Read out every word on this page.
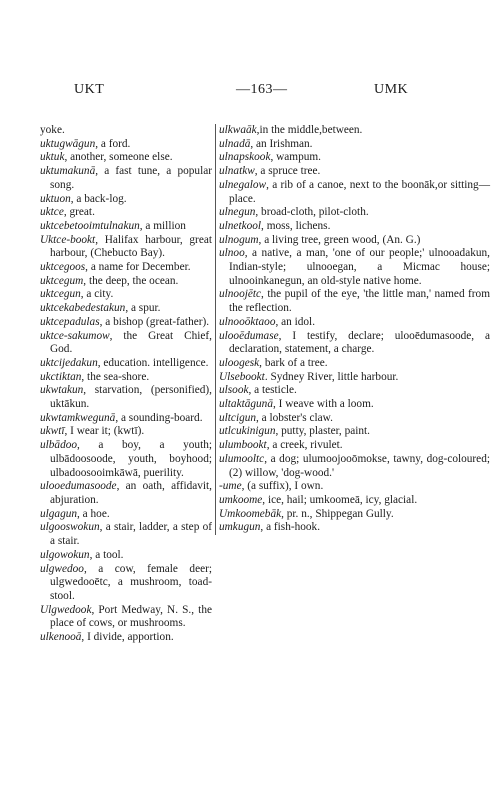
UKT	—163—	UMK
yoke.
uktugwāgun, a ford.
uktuk, another, someone else.
uktumakunā, a fast tune, a popular song.
uktuon, a back-log.
uktce, great.
uktcebetooimtulnakun, a million
Uktce-bookt, Halifax harbour, great harbour, (Chebucto Bay).
uktcegoos, a name for December.
uktcegum, the deep, the ocean.
uktcegun, a city.
uktcekabedestakun, a spur.
uktcepadulas, a bishop (great-father).
uktce-sakumow, the Great Chief, God.
uktcijedakun, education. intelligence.
ukctiktan, the sea-shore.
ukwtakun, starvation, (personified), uktākun.
ukwtamkwegunā, a sounding-board.
ukwtī, I wear it; (kwtī).
ulbādoo, a boy, a youth; ulbādoosoode, youth, boyhood; ulbadoosooimkāwā, puerility.
ulooedumasoode, an oath, affidavit, abjuration.
ulgagun, a hoe.
ulgooswokun, a stair, ladder, a step of a stair.
ulgowokun, a tool.
ulgwedoo, a cow, female deer; ulgwedooētc, a mushroom, toad-stool.
Ulgwedook, Port Medway, N. S., the place of cows, or mushrooms.
ulkenooā, I divide, apportion.
ulkwaāk,in the middle,between.
ulnadā, an Irishman.
ulnapskook, wampum.
ulnatkw, a spruce tree.
ulnegalow, a rib of a canoe, next to the boonāk,or sitting—place.
ulnegun, broad-cloth, pilot-cloth.
ulnetkool, moss, lichens.
ulnogum, a living tree, green wood, (An. G.)
ulnoo, a native, a man, 'one of our people;' ulnooadakun, Indian-style; ulnooegan, a Micmac house; ulnooinkanegun, an old-style native home.
ulnoojētc, the pupil of the eye, 'the little man,' named from the reflection.
ulnooōktaoo, an idol.
ulooēdumase, I testify, declare; ulooēdumasoode, a declaration, statement, a charge.
uloogesk, bark of a tree.
Ulsebookt. Sydney River, little harbour.
ulsook, a testicle.
ultaktāgunā, I weave with a loom.
ultcigun, a lobster's claw.
utlcukinigun, putty, plaster, paint.
ulumbookt, a creek, rivulet.
ulumooltc, a dog; ulumoojooōmokse, tawny, dog-coloured; (2) willow, 'dog-wood.'
-ume, (a suffix), I own.
umkoome, ice, hail; umkoomeā, icy, glacial.
Umkoomebāk, pr. n., Shippegan Gully.
umkugun, a fish-hook.
